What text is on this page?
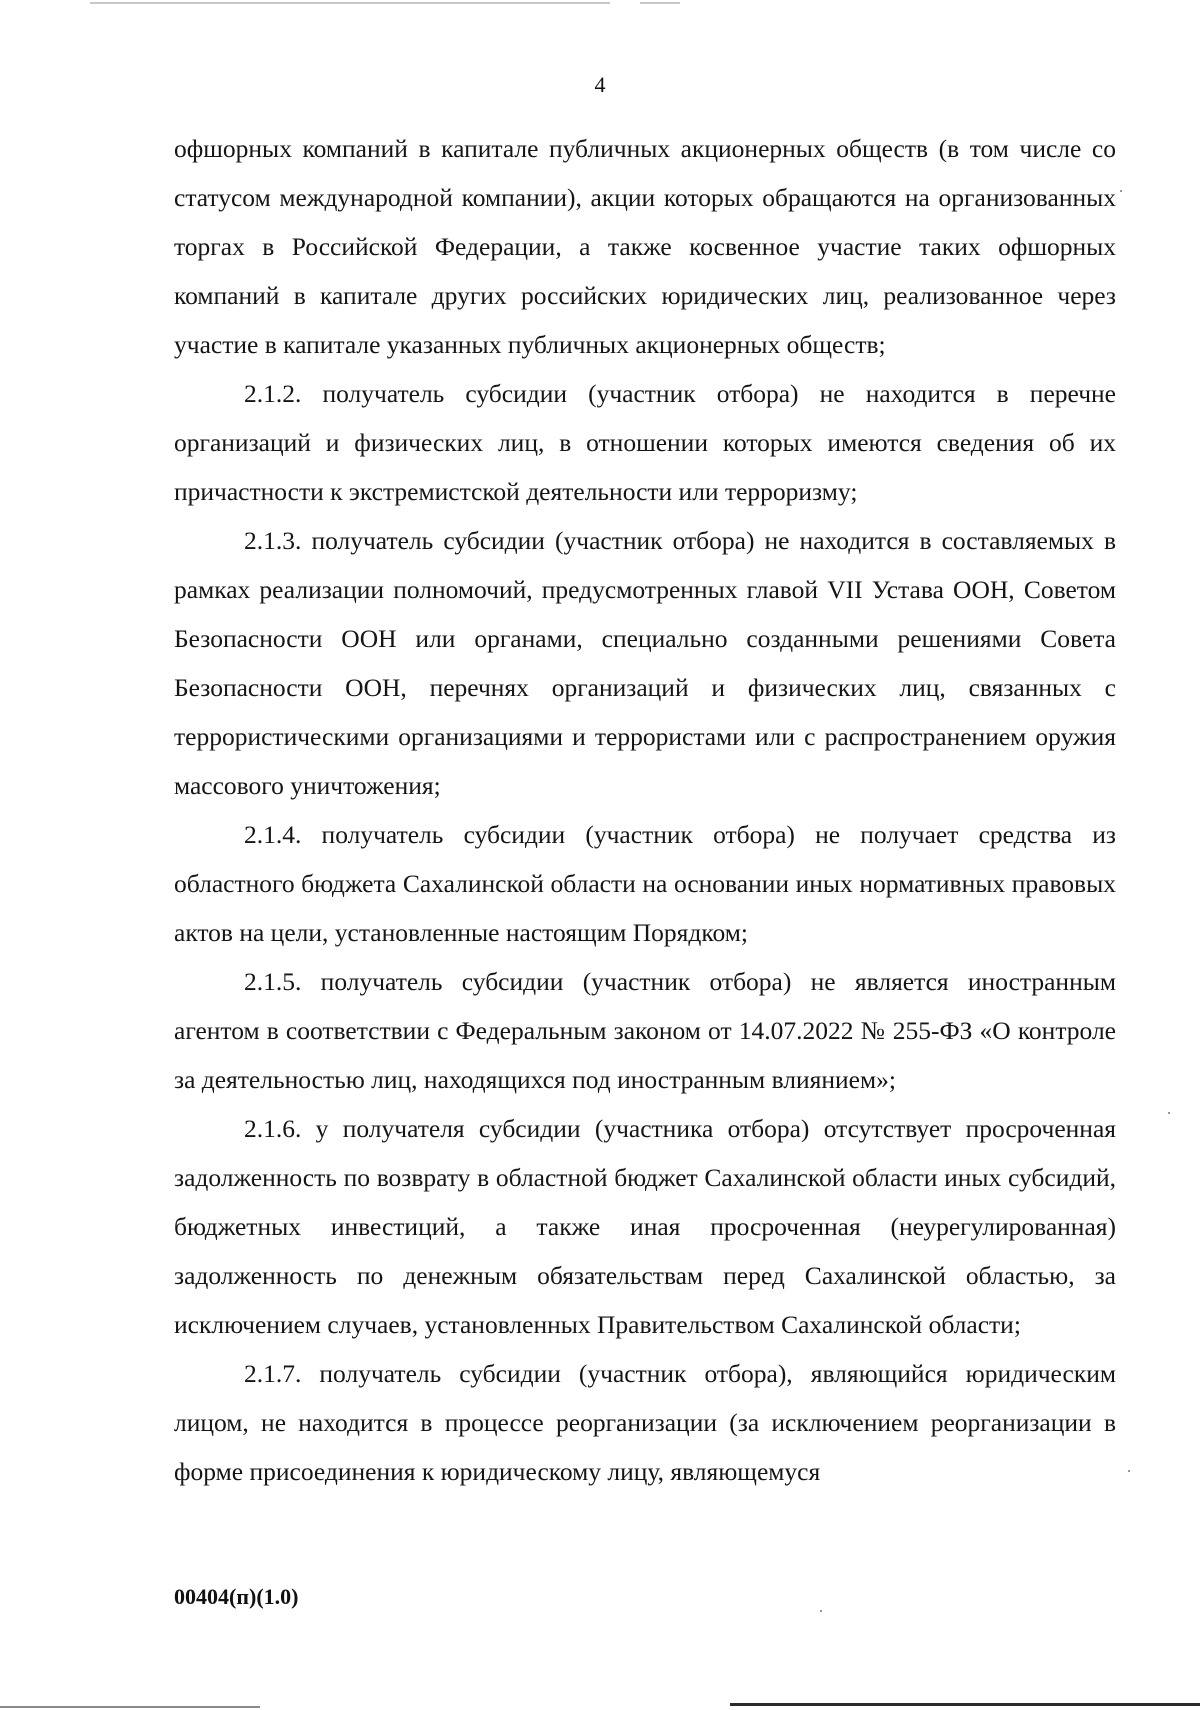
4

офшорных компаний в капитале публичных акционерных обществ (в том числе со статусом международной компании), акции которых обращаются на организованных торгах в Российской Федерации, а также косвенное участие таких офшорных компаний в капитале других российских юридических лиц, реализованное через участие в капитале указанных публичных акционерных обществ;

2.1.2. получатель субсидии (участник отбора) не находится в перечне организаций и физических лиц, в отношении которых имеются сведения об их причастности к экстремистской деятельности или терроризму;

2.1.3. получатель субсидии (участник отбора) не находится в составляемых в рамках реализации полномочий, предусмотренных главой VII Устава ООН, Советом Безопасности ООН или органами, специально созданными решениями Совета Безопасности ООН, перечнях организаций и физических лиц, связанных с террористическими организациями и террористами или с распространением оружия массового уничтожения;

2.1.4. получатель субсидии (участник отбора) не получает средства из областного бюджета Сахалинской области на основании иных нормативных правовых актов на цели, установленные настоящим Порядком;

2.1.5. получатель субсидии (участник отбора) не является иностранным агентом в соответствии с Федеральным законом от 14.07.2022 № 255-ФЗ «О контроле за деятельностью лиц, находящихся под иностранным влиянием»;

2.1.6. у получателя субсидии (участника отбора) отсутствует просроченная задолженность по возврату в областной бюджет Сахалинской области иных субсидий, бюджетных инвестиций, а также иная просроченная (неурегулированная) задолженность по денежным обязательствам перед Сахалинской областью, за исключением случаев, установленных Правительством Сахалинской области;

2.1.7. получатель субсидии (участник отбора), являющийся юридическим лицом, не находится в процессе реорганизации (за исключением реорганизации в форме присоединения к юридическому лицу, являющемуся

00404(п)(1.0)
